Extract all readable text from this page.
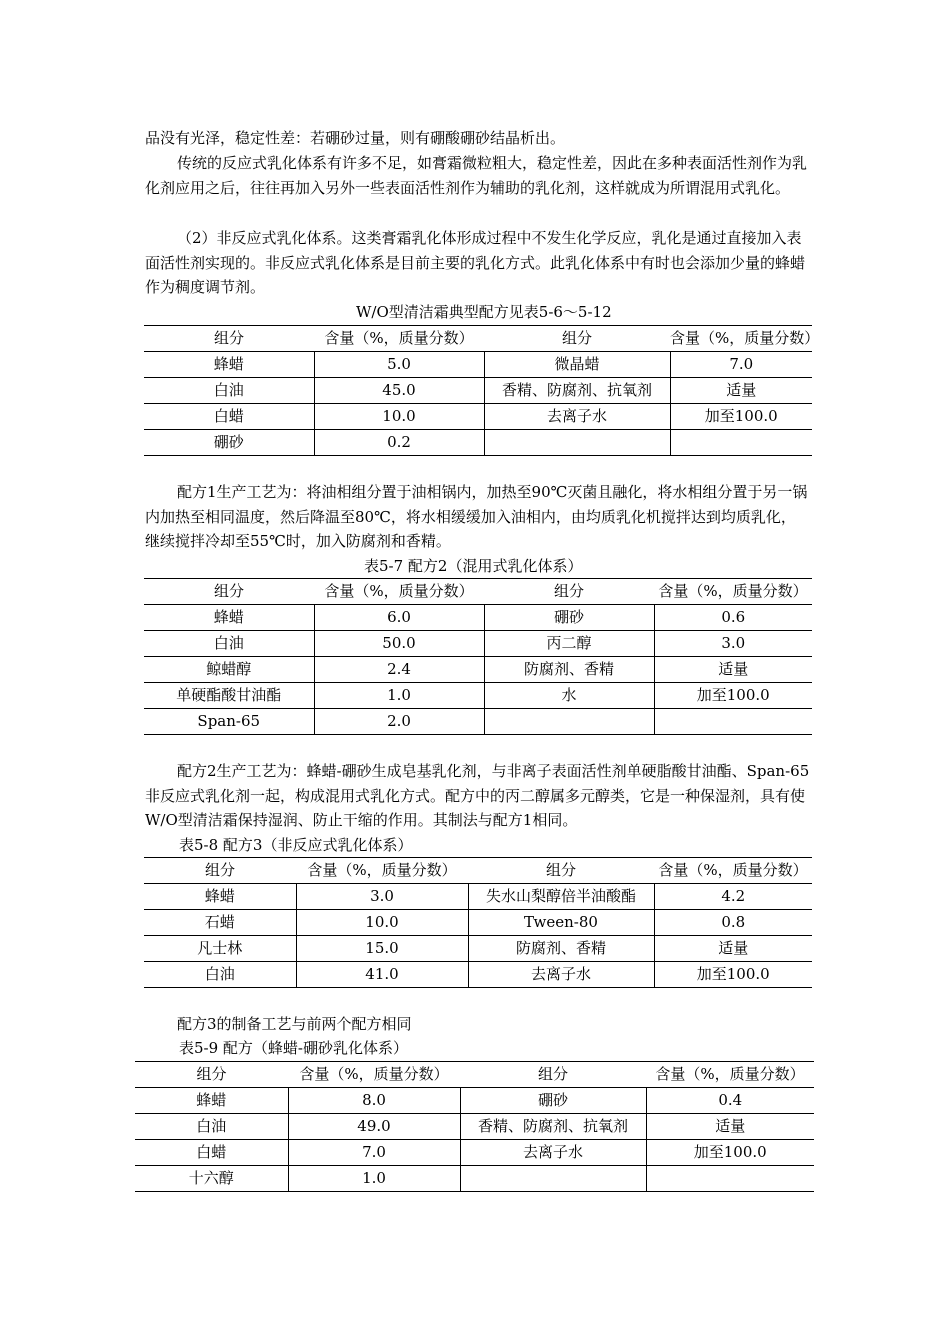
品没有光泽，稳定性差：若硼砂过量，则有硼酸硼砂结晶析出。

传统的反应式乳化体系有许多不足，如膏霜微粒粗大，稳定性差，因此在多种表面活性剂作为乳化剂应用之后，往往再加入另外一些表面活性剂作为辅助的乳化剂，这样就成为所谓混用式乳化。

（2）非反应式乳化体系。这类膏霜乳化体形成过程中不发生化学反应，乳化是通过直接加入表面活性剂实现的。非反应式乳化体系是目前主要的乳化方式。此乳化体系中有时也会添加少量的蜂蜡作为稠度调节剂。

W/O型清洁霜典型配方见表5-6～5-12
组分	含量（%，质量分数）	组分	含量（%，质量分数）
蜂蜡	5.0	微晶蜡	7.0
白油	45.0	香精、防腐剂、抗氧剂	适量
白蜡	10.0	去离子水	加至100.0
硼砂	0.2		

配方1生产工艺为：将油相组分置于油相锅内，加热至90℃灭菌且融化，将水相组分置于另一锅内加热至相同温度，然后降温至80℃，将水相缓缓加入油相内，由均质乳化机搅拌达到均质乳化，继续搅拌冷却至55℃时，加入防腐剂和香精。

表5-7 配方2（混用式乳化体系）
组分	含量（%，质量分数）	组分	含量（%，质量分数）
蜂蜡	6.0	硼砂	0.6
白油	50.0	丙二醇	3.0
鲸蜡醇	2.4	防腐剂、香精	适量
单硬酯酸甘油酯	1.0	水	加至100.0
Span-65	2.0		

配方2生产工艺为：蜂蜡-硼砂生成皂基乳化剂，与非离子表面活性剂单硬脂酸甘油酯、Span-65非反应式乳化剂一起，构成混用式乳化方式。配方中的丙二醇属多元醇类，它是一种保湿剂，具有使W/O型清洁霜保持湿润、防止干缩的作用。其制法与配方1相同。

表5-8 配方3（非反应式乳化体系）
组分	含量（%，质量分数）	组分	含量（%，质量分数）
蜂蜡	3.0	失水山梨醇倍半油酸酯	4.2
石蜡	10.0	Tween-80	0.8
凡士林	15.0	防腐剂、香精	适量
白油	41.0	去离子水	加至100.0

配方3的制备工艺与前两个配方相同

表5-9 配方（蜂蜡-硼砂乳化体系）
组分	含量（%，质量分数）	组分	含量（%，质量分数）
蜂蜡	8.0	硼砂	0.4
白油	49.0	香精、防腐剂、抗氧剂	适量
白蜡	7.0	去离子水	加至100.0
十六醇	1.0		
